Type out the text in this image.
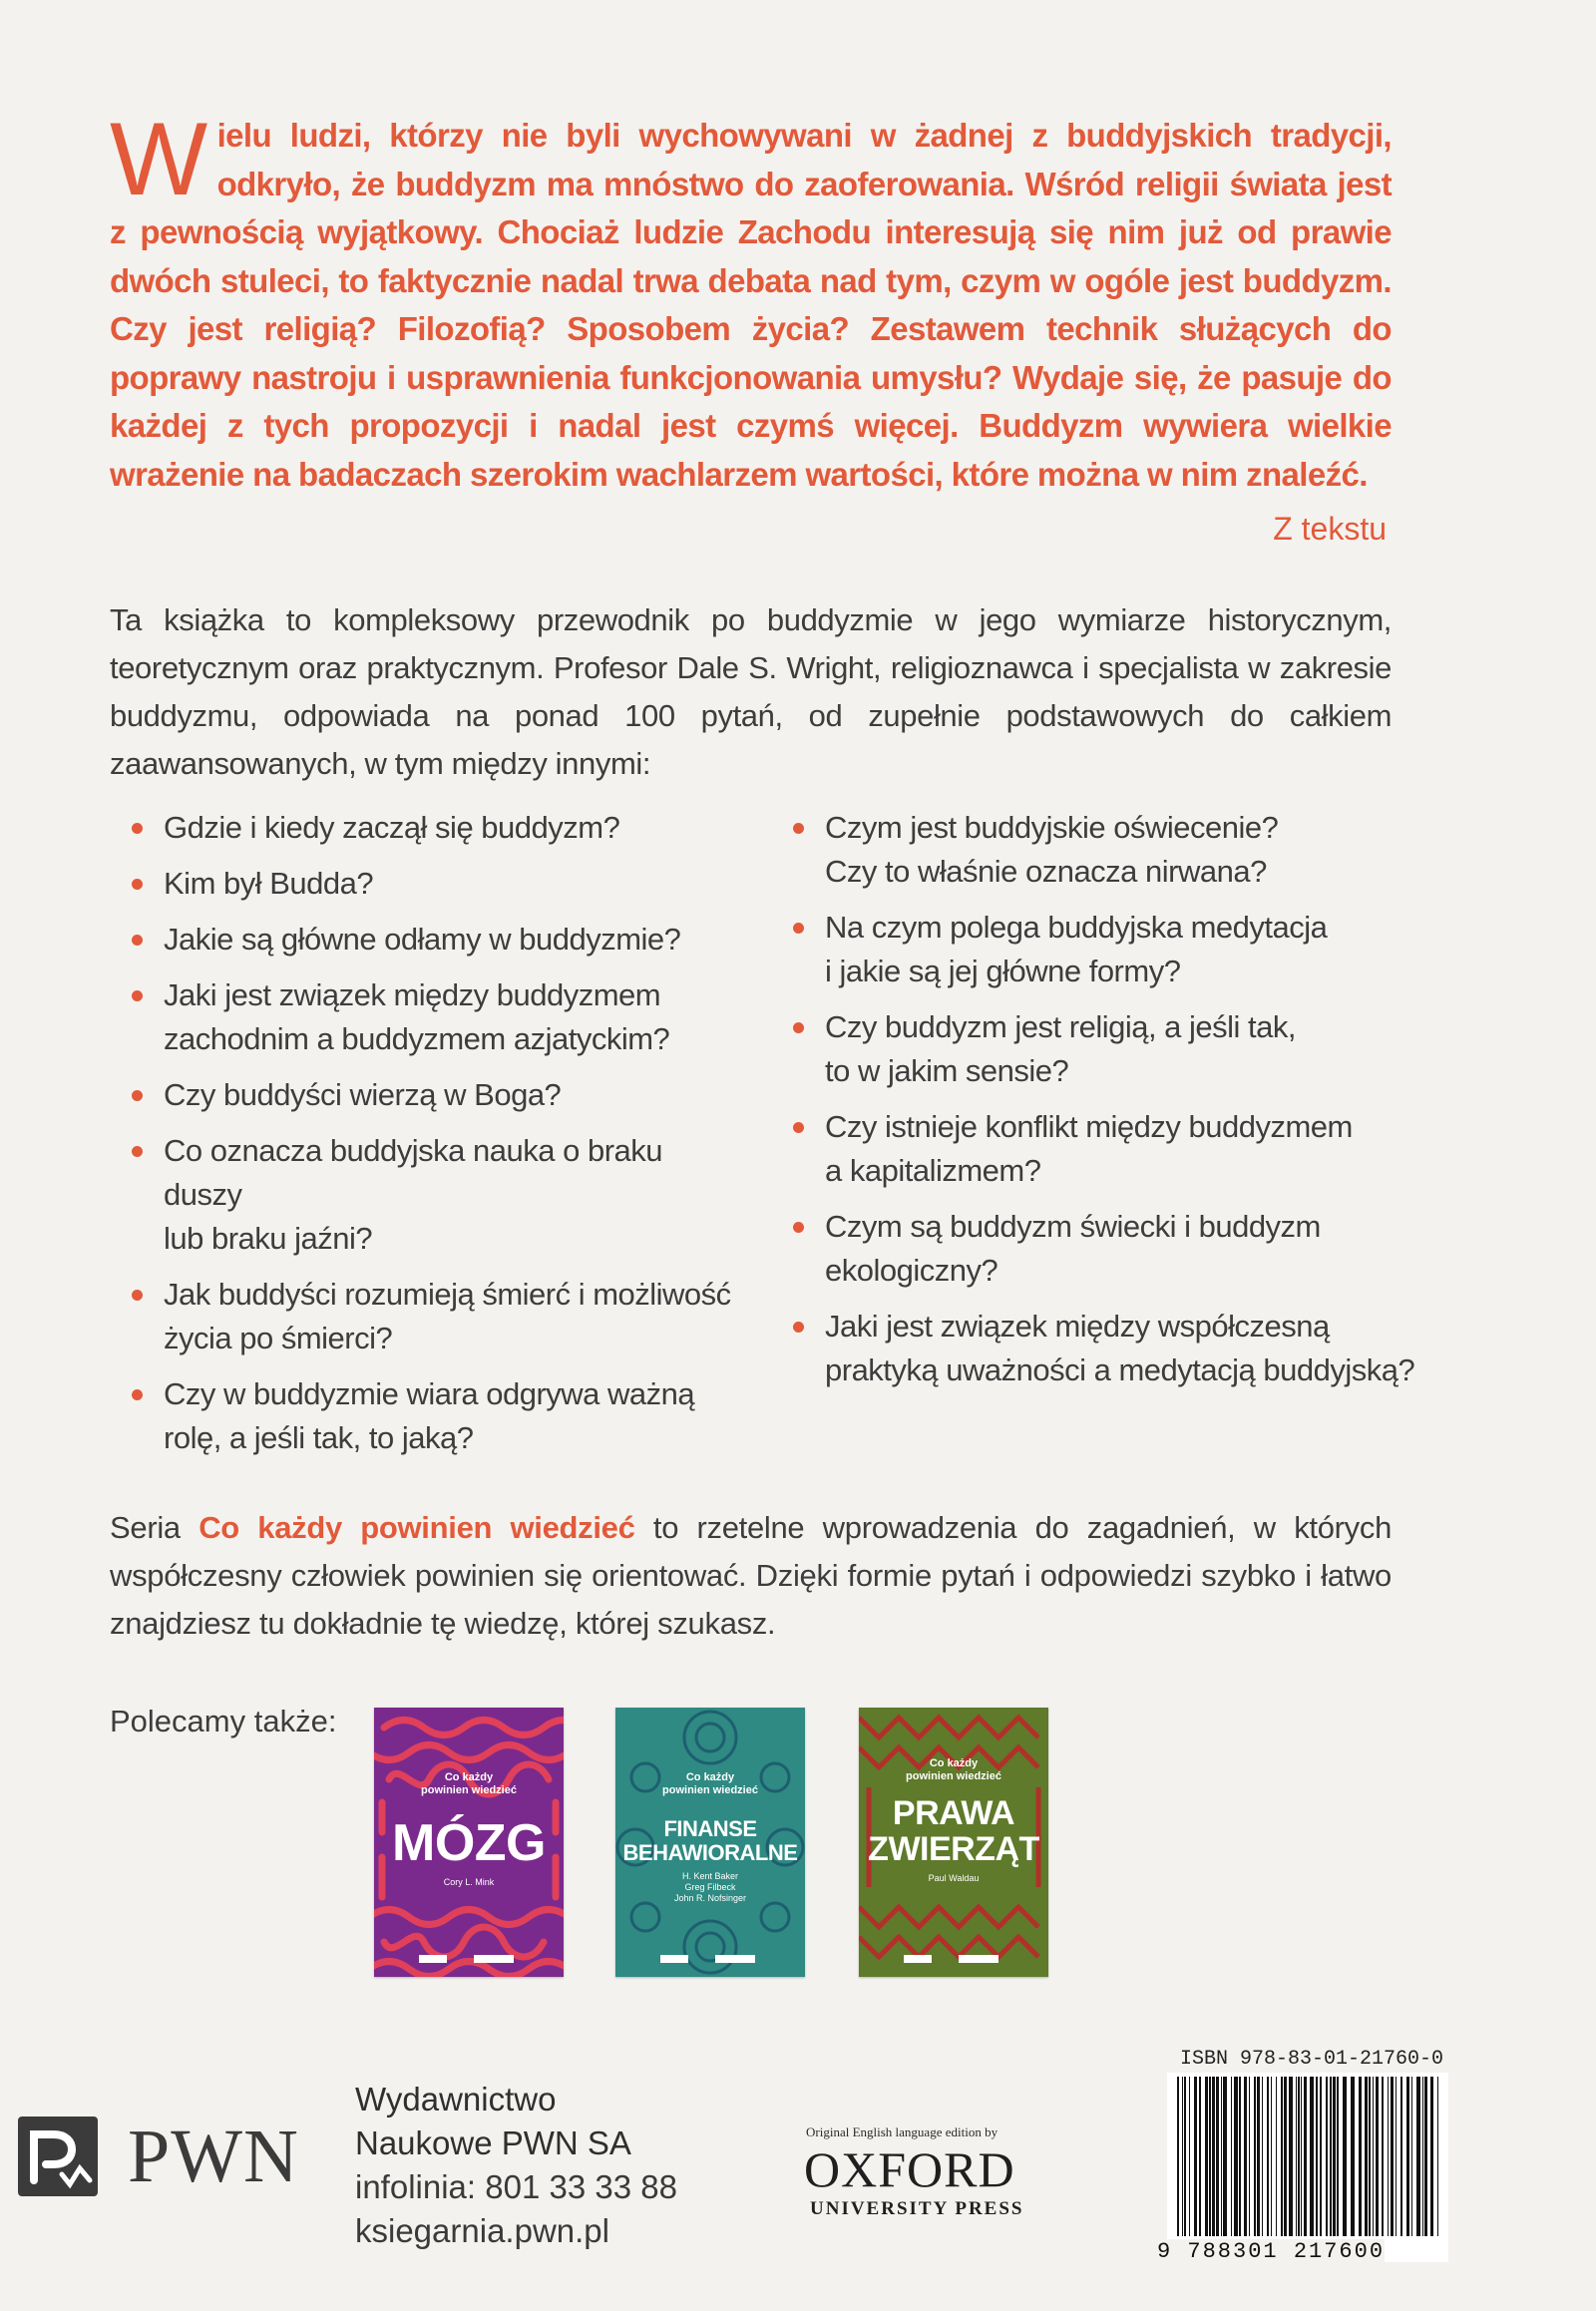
Wielu ludzi, którzy nie byli wychowywani w żadnej z buddyjskich tradycji, odkryło, że buddyzm ma mnóstwo do zaoferowania. Wśród religii świata jest z pewnością wyjątkowy. Chociaż ludzie Zachodu interesują się nim już od prawie dwóch stuleci, to faktycznie nadal trwa debata nad tym, czym w ogóle jest buddyzm. Czy jest religią? Filozofią? Sposobem życia? Zestawem technik służących do poprawy nastroju i usprawnienia funkcjonowania umysłu? Wydaje się, że pasuje do każdej z tych propozycji i nadal jest czymś więcej. Buddyzm wywiera wielkie wrażenie na badaczach szerokim wachlarzem wartości, które można w nim znaleźć.
Z tekstu
Ta książka to kompleksowy przewodnik po buddyzmie w jego wymiarze historycznym, teoretycznym oraz praktycznym. Profesor Dale S. Wright, religioznawca i specjalista w zakresie buddyzmu, odpowiada na ponad 100 pytań, od zupełnie podstawowych do całkiem zaawansowanych, w tym między innymi:
Gdzie i kiedy zaczął się buddyzm?
Kim był Budda?
Jakie są główne odłamy w buddyzmie?
Jaki jest związek między buddyzmem
zachodnim a buddyzmem azjatyckim?
Czy buddyści wierzą w Boga?
Co oznacza buddyjska nauka o braku duszy
lub braku jaźni?
Jak buddyści rozumieją śmierć i możliwość
życia po śmierci?
Czy w buddyzmie wiara odgrywa ważną
rolę, a jeśli tak, to jaką?
Czym jest buddyjskie oświecenie?
Czy to właśnie oznacza nirwana?
Na czym polega buddyjska medytacja
i jakie są jej główne formy?
Czy buddyzm jest religią, a jeśli tak,
to w jakim sensie?
Czy istnieje konflikt między buddyzmem
a kapitalizmem?
Czym są buddyzm świecki i buddyzm
ekologiczny?
Jaki jest związek między współczesną praktyką uważności a medytacją buddyjską?
Seria Co każdy powinien wiedzieć to rzetelne wprowadzenia do zagadnień, w których współczesny człowiek powinien się orientować. Dzięki formie pytań i odpowiedzi szybko i łatwo znajdziesz tu dokładnie tę wiedzę, której szukasz.
Polecamy także:
Co każdy
powinien wiedzieć
MÓZG
Cory L. Mink
Co każdy
powinien wiedzieć
FINANSE
BEHAWIORALNE
H. Kent Baker
Greg Filbeck
John R. Nofsinger
Co każdy
powinien wiedzieć
PRAWA
ZWIERZĄT
Paul Waldau
PWN
Wydawnictwo
Naukowe PWN SA
infolinia: 801 33 33 88
ksiegarnia.pwn.pl
Original English language edition by
OXFORD
UNIVERSITY PRESS
ISBN 978-83-01-21760-0
9 788301 217600
